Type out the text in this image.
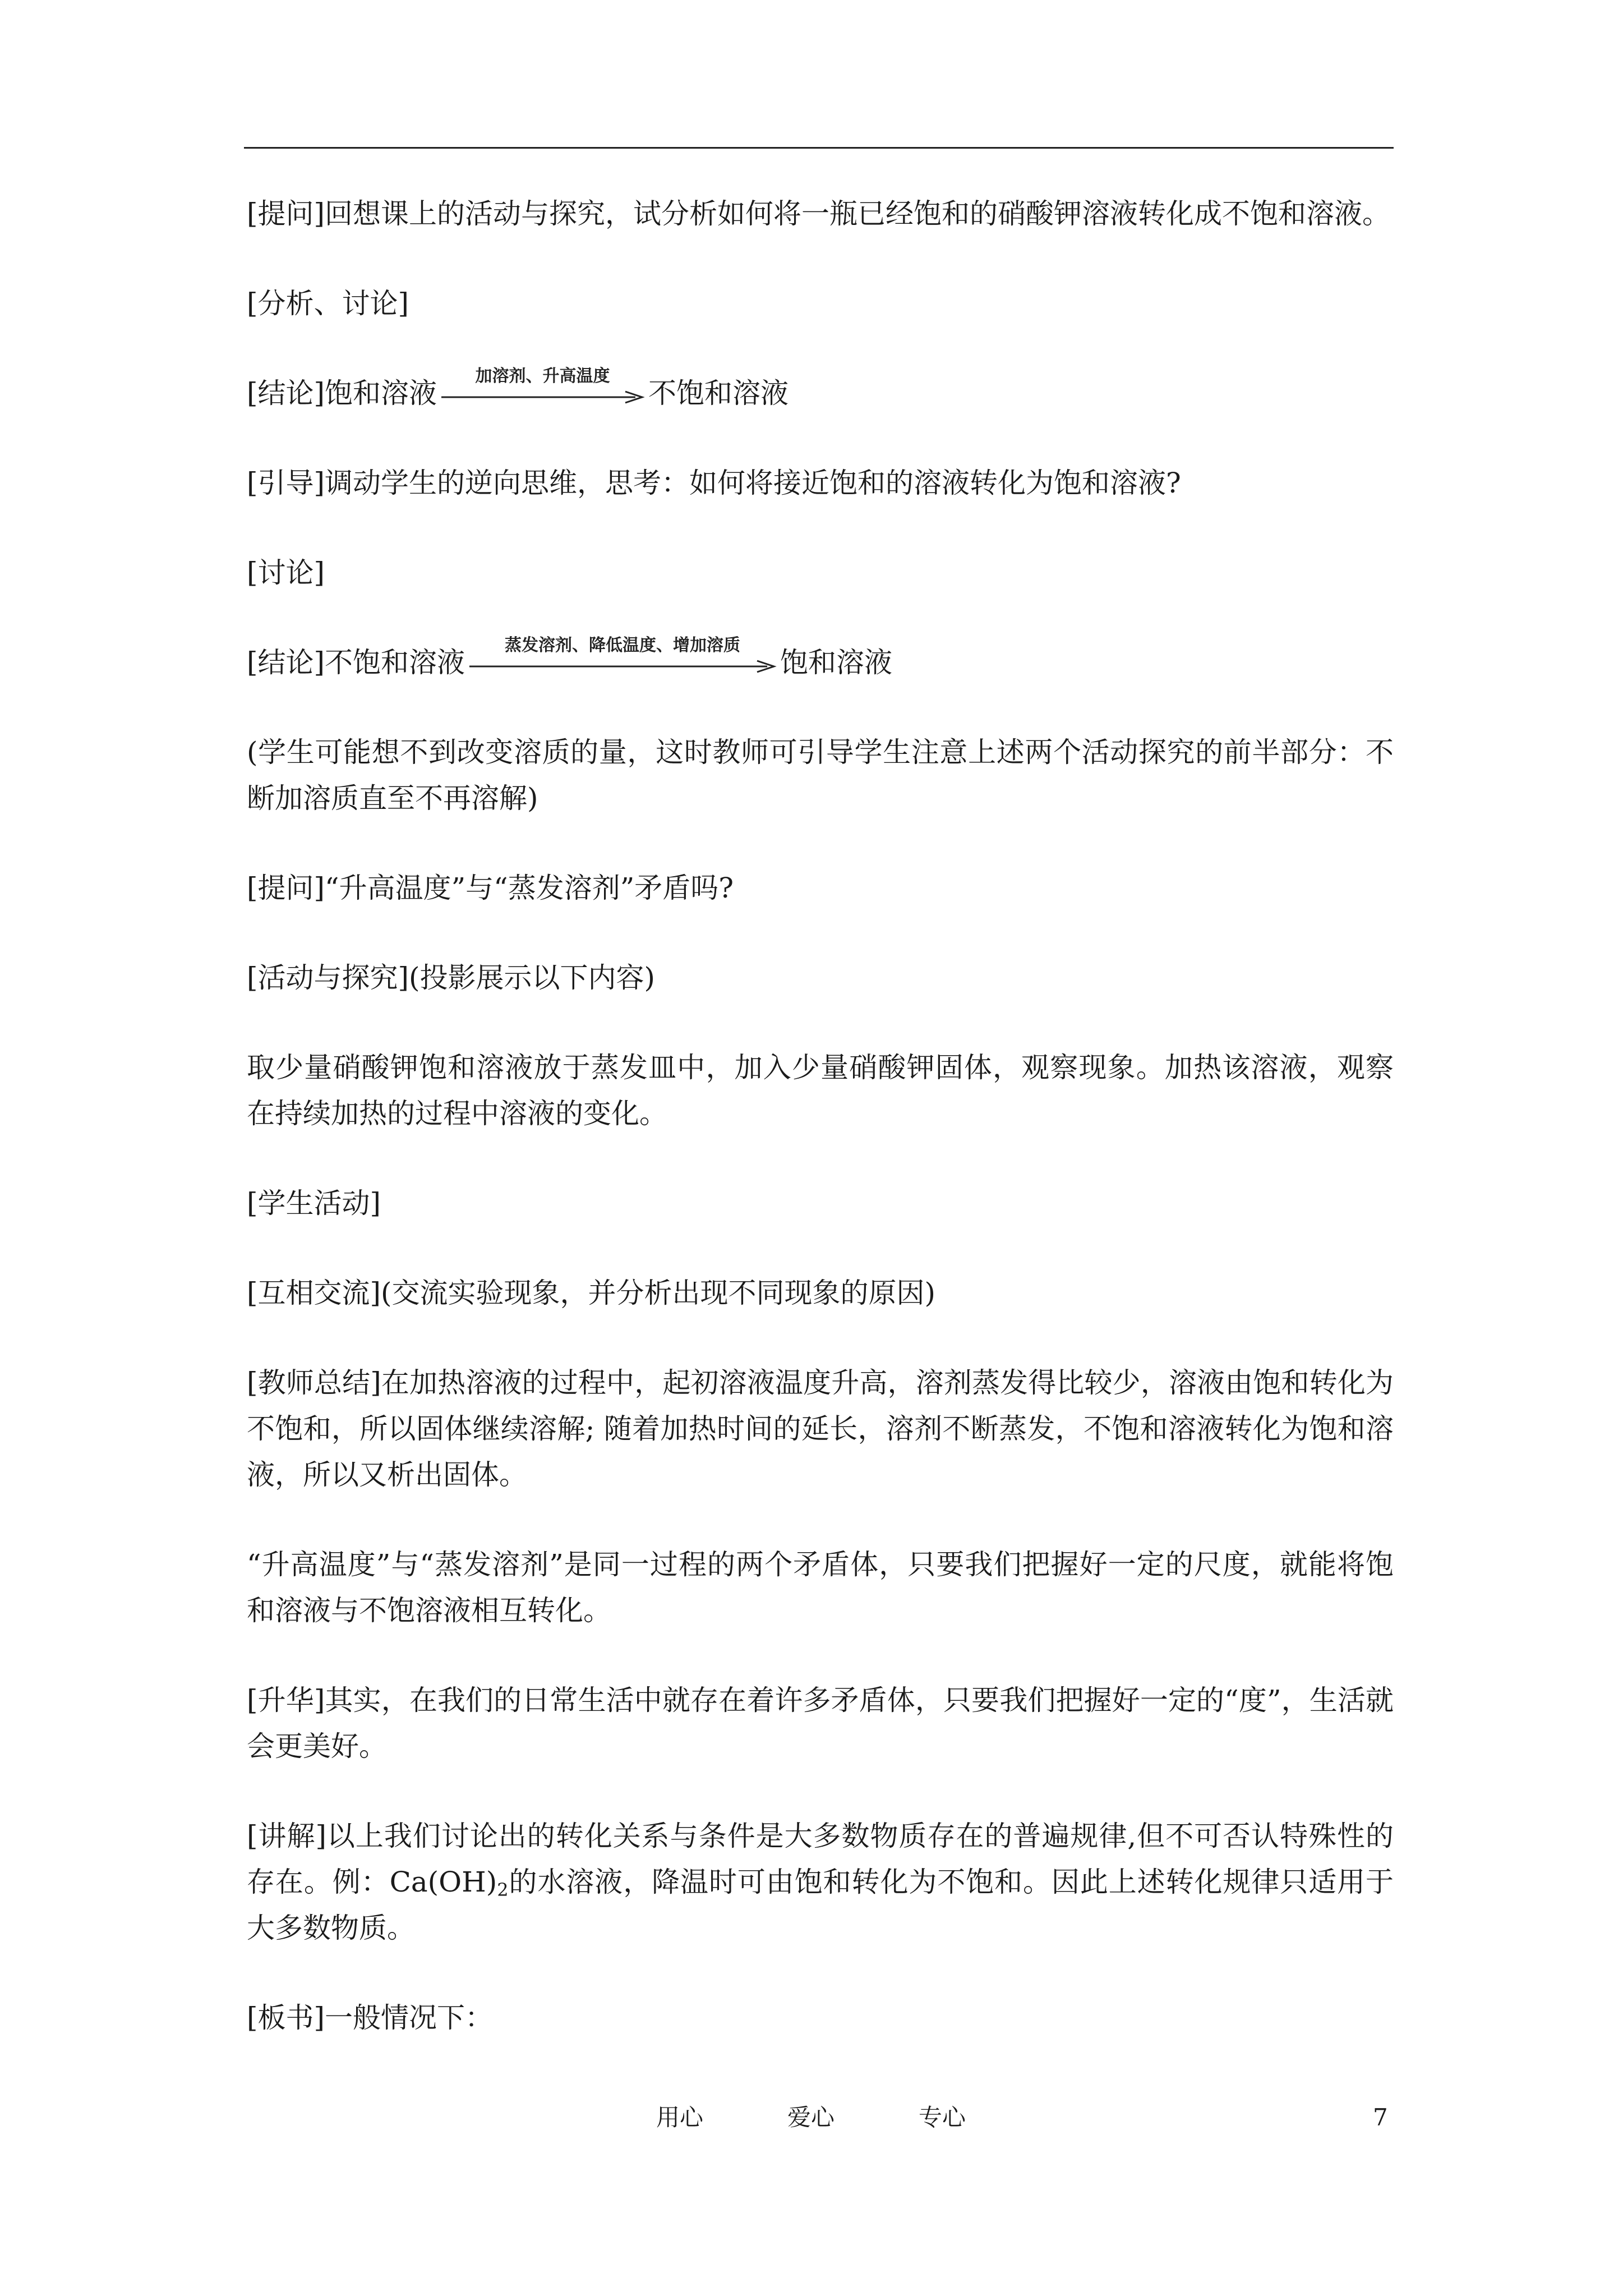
[提问]回想课上的活动与探究，试分析如何将一瓶已经饱和的硝酸钾溶液转化成不饱和溶液。

[分析、讨论]

[结论]饱和溶液
加溶剂、升高温度
不饱和溶液

[引导]调动学生的逆向思维，思考：如何将接近饱和的溶液转化为饱和溶液?

[讨论]

[结论]不饱和溶液
蒸发溶剂、降低温度、增加溶质
饱和溶液

(学生可能想不到改变溶质的量，这时教师可引导学生注意上述两个活动探究的前半部分：不断加溶质直至不再溶解)

[提问]“升高温度”与“蒸发溶剂”矛盾吗?

[活动与探究](投影展示以下内容)

取少量硝酸钾饱和溶液放于蒸发皿中，加入少量硝酸钾固体，观察现象。加热该溶液，观察在持续加热的过程中溶液的变化。

[学生活动]

[互相交流](交流实验现象，并分析出现不同现象的原因)

[教师总结]在加热溶液的过程中，起初溶液温度升高，溶剂蒸发得比较少，溶液由饱和转化为不饱和，所以固体继续溶解; 随着加热时间的延长，溶剂不断蒸发，不饱和溶液转化为饱和溶液，所以又析出固体。

“升高温度”与“蒸发溶剂”是同一过程的两个矛盾体，只要我们把握好一定的尺度，就能将饱和溶液与不饱溶液相互转化。

[升华]其实，在我们的日常生活中就存在着许多矛盾体，只要我们把握好一定的“度”，生活就会更美好。

[讲解]以上我们讨论出的转化关系与条件是大多数物质存在的普遍规律,但不可否认特殊性的存在。例：$Ca(OH)_2$的水溶液，降温时可由饱和转化为不饱和。因此上述转化规律只适用于大多数物质。

[板书]一般情况下：

用心	爱心	专心	7
